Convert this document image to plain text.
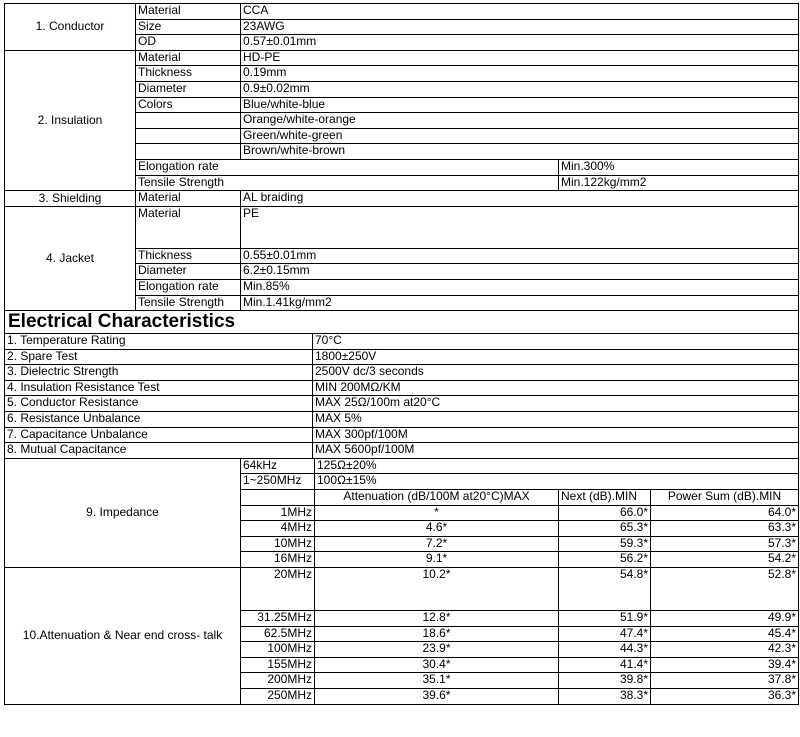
1. Conductor	Material	CCA	
	Size	23AWG	
	OD	0.57±0.01mm	
2. Insulation	Material	HD-PE	
	Thickness	0.19mm	
	Diameter	0.9±0.02mm	
	Colors	Blue/white-blue	
		Orange/white-orange	
		Green/white-green	
		Brown/white-brown	
	Elongation rate		Min.300%
	Tensile Strength		Min.122kg/mm2
3. Shielding	Material	AL braiding	
4. Jacket	Material	PE	
	Thickness	0.55±0.01mm	
	Diameter	6.2±0.15mm	
	Elongation rate	Min.85%	
	Tensile Strength	Min.1.41kg/mm2	
Electrical Characteristics	
1. Temperature Rating	70°C
2. Spare Test	1800±250V
3. Dielectric Strength	2500V dc/3 seconds
4. Insulation Resistance Test	MIN 200MΩ/KM
5. Conductor Resistance	MAX 25Ω/100m at20°C
6. Resistance Unbalance	MAX 5%
7. Capacitance Unbalance	MAX 300pf/100M
8. Mutual Capacitance	MAX 5600pf/100M
9. Impedance	64kHz	125Ω±20%		
	1~250MHz	100Ω±15%		
		Attenuation (dB/100M at20°C)MAX	Next (dB).MIN	Power Sum (dB).MIN
	1MHz	*	66.0*	64.0*
	4MHz	4.6*	65.3*	63.3*
	10MHz	7.2*	59.3*	57.3*
	16MHz	9.1*	56.2*	54.2*
10.Attenuation & Near end cross- talk	20MHz	10.2*	54.8*	52.8*
	31.25MHz	12.8*	51.9*	49.9*
	62.5MHz	18.6*	47.4*	45.4*
	100MHz	23.9*	44.3*	42.3*
	155MHz	30.4*	41.4*	39.4*
	200MHz	35.1*	39.8*	37.8*
	250MHz	39.6*	38.3*	36.3*
